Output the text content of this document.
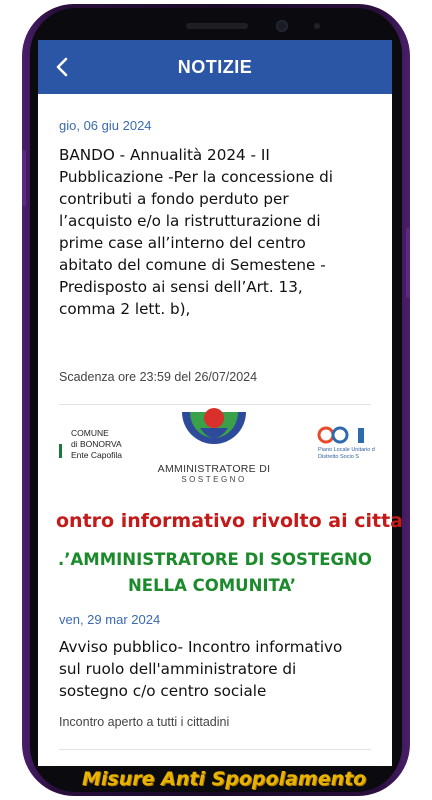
NOTIZIE
gio, 06 giu 2024
BANDO - Annualità 2024 - II
Pubblicazione -Per la concessione di
contributi a fondo perduto per
l’acquisto e/o la ristrutturazione di
prime case all’interno del centro
abitato del comune di Semestene -
Predisposto ai sensi dell’Art. 13,
comma 2 lett. b),
Scadenza ore 23:59 del 26/07/2024
COMUNE
di BONORVA
Ente Capofila
AMMINISTRATORE DI
SOSTEGNO
Piano Locale Unitario d
Distretto Socio S
ontro informativo rivolto ai citta
.’AMMINISTRATORE DI SOSTEGNO
NELLA COMUNITA’
ven, 29 mar 2024
Avviso pubblico- Incontro informativo
sul ruolo dell'amministratore di
sostegno c/o centro sociale
Incontro aperto a tutti i cittadini
Misure Anti Spopolamento
